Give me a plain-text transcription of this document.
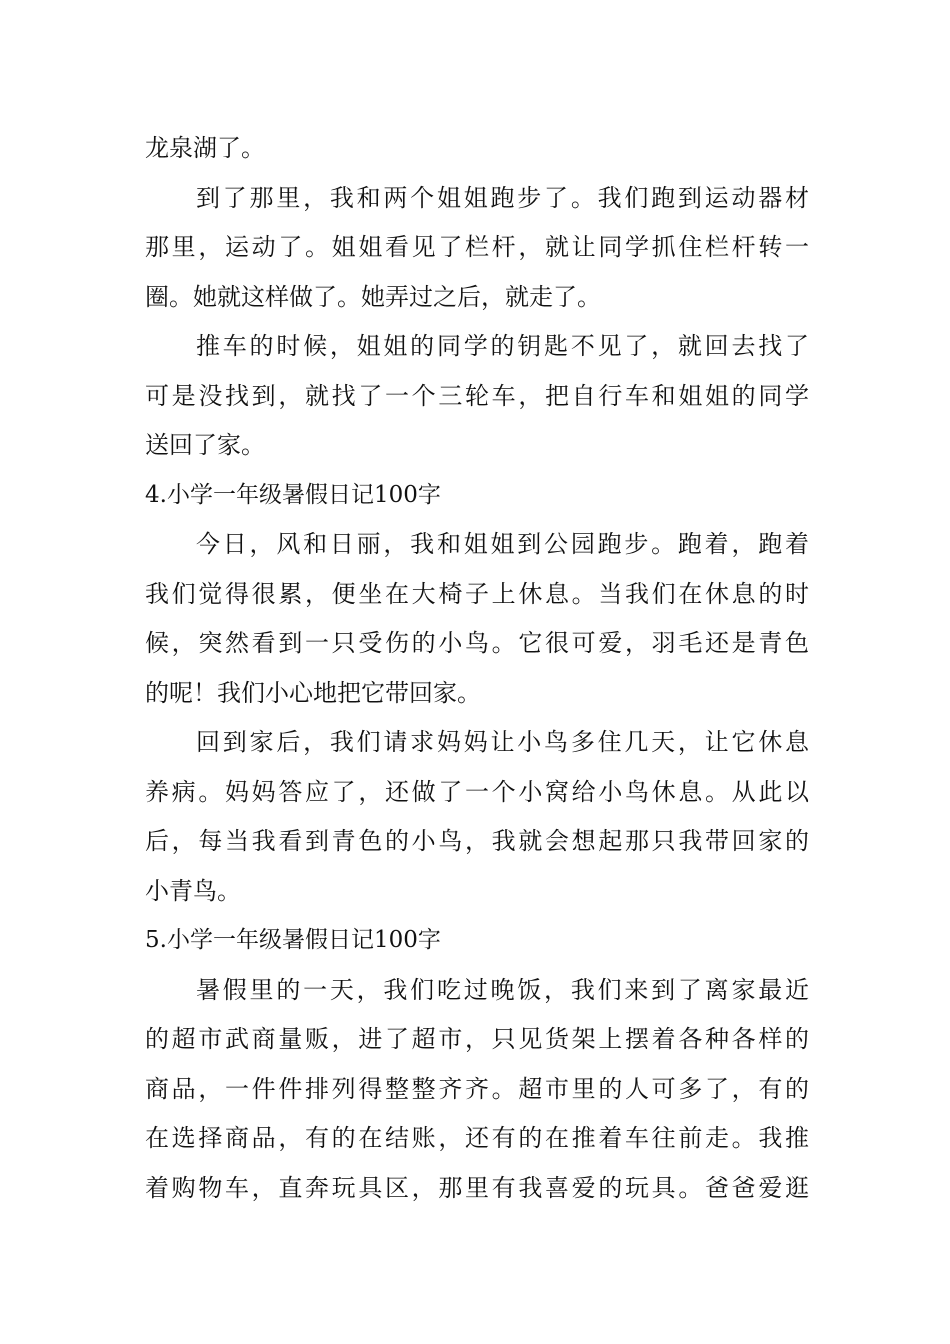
龙泉湖了。
到了那里，我和两个姐姐跑步了。我们跑到运动器材
那里，运动了。姐姐看见了栏杆，就让同学抓住栏杆转一
圈。她就这样做了。她弄过之后，就走了。
推车的时候，姐姐的同学的钥匙不见了，就回去找了
可是没找到，就找了一个三轮车，把自行车和姐姐的同学
送回了家。
4.小学一年级暑假日记100字
今日，风和日丽，我和姐姐到公园跑步。跑着，跑着
我们觉得很累，便坐在大椅子上休息。当我们在休息的时
候，突然看到一只受伤的小鸟。它很可爱，羽毛还是青色
的呢！我们小心地把它带回家。
回到家后，我们请求妈妈让小鸟多住几天，让它休息
养病。妈妈答应了，还做了一个小窝给小鸟休息。从此以
后，每当我看到青色的小鸟，我就会想起那只我带回家的
小青鸟。
5.小学一年级暑假日记100字
暑假里的一天，我们吃过晚饭，我们来到了离家最近
的超市武商量贩，进了超市，只见货架上摆着各种各样的
商品，一件件排列得整整齐齐。超市里的人可多了，有的
在选择商品，有的在结账，还有的在推着车往前走。我推
着购物车，直奔玩具区，那里有我喜爱的玩具。爸爸爱逛
